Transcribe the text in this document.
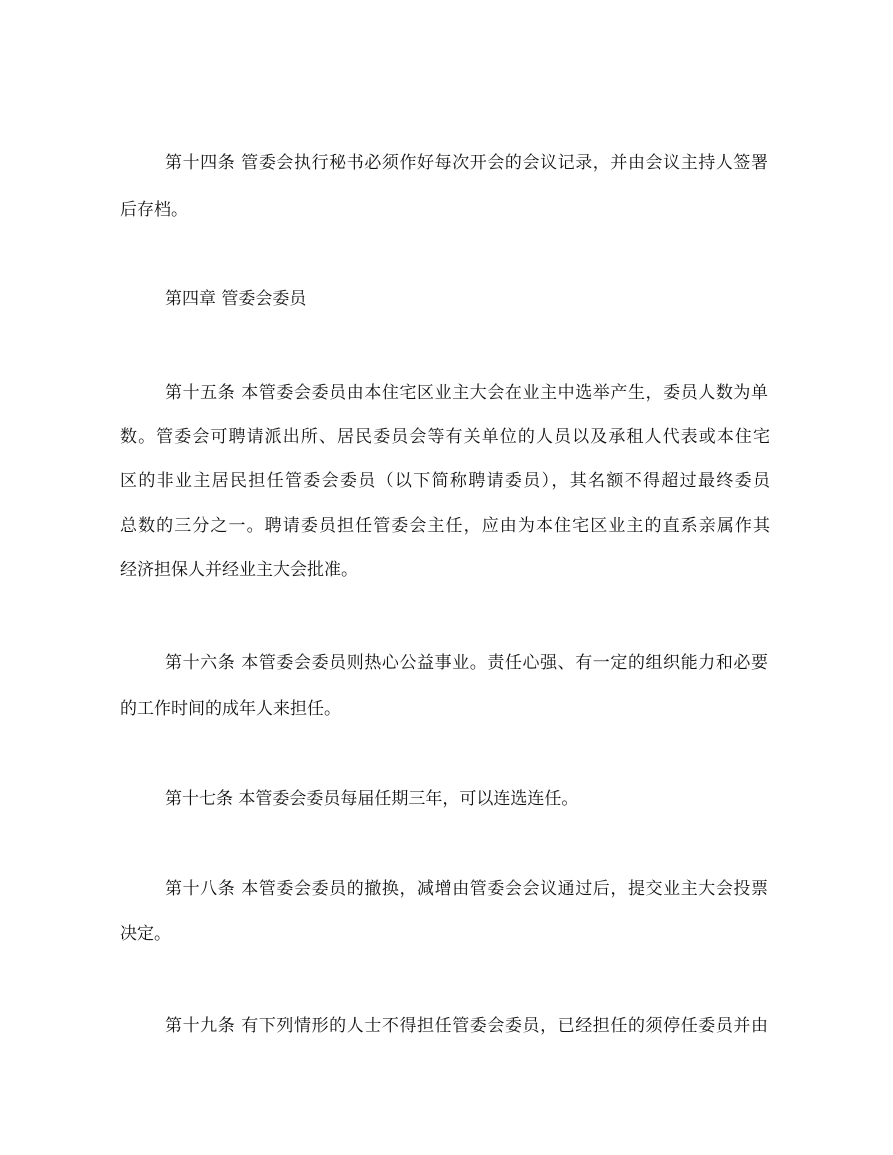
第十四条 管委会执行秘书必须作好每次开会的会议记录，并由会议主持人签署
后存档。
第四章 管委会委员
第十五条 本管委会委员由本住宅区业主大会在业主中选举产生，委员人数为单
数。管委会可聘请派出所、居民委员会等有关单位的人员以及承租人代表或本住宅
区的非业主居民担任管委会委员（以下简称聘请委员），其名额不得超过最终委员
总数的三分之一。聘请委员担任管委会主任，应由为本住宅区业主的直系亲属作其
经济担保人并经业主大会批准。
第十六条 本管委会委员则热心公益事业。责任心强、有一定的组织能力和必要
的工作时间的成年人来担任。
第十七条 本管委会委员每届任期三年，可以连选连任。
第十八条 本管委会委员的撤换，减增由管委会会议通过后，提交业主大会投票
决定。
第十九条 有下列情形的人士不得担任管委会委员，已经担任的须停任委员并由
